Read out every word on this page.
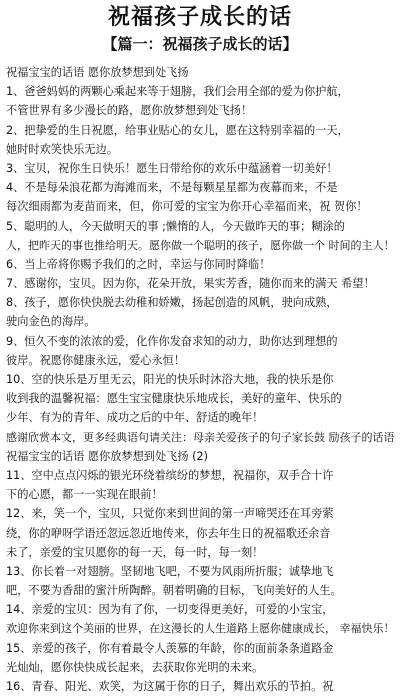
祝福孩子成长的话
【篇一：祝福孩子成长的话】
祝福宝宝的话语 愿你放梦想到处飞扬
1、爸爸妈妈的两颗心乘起来等于翅膀，我们会用全部的爱为你护航，
不管世界有多少漫长的路，愿你放梦想到处飞扬！
2、把挚爱的生日祝愿，给事业贴心的女儿，愿在这特别幸福的一天，
她时时欢笑快乐无边。
3、宝贝，祝你生日快乐！愿生日带给你的欢乐中蕴涵着一切美好！
4、不是每朵浪花都为海滩而来，不是每颗星星都为夜幕而来，不是
每次细雨都为麦苗而来，但，你可爱的宝宝为你开心幸福而来，祝 贺你！
5、聪明的人，今天做明天的事 ;懒惰的人，今天做昨天的事；糊涂的
人，把昨天的事也推给明天。愿你做一个聪明的孩子，愿你做一个 时间的主人！
6、当上帝将你赐予我们的之时，幸运与你同时降临！
7、感谢你，宝贝。因为你，花朵开放，果实芳香，随你而来的满天 希望！
8、孩子，愿你快快脱去幼稚和娇嫩，扬起创造的风帆，驶向成熟，
驶向金色的海岸。
9、恒久不变的浓浓的爱，化作你发奋求知的动力，助你达到理想的
彼岸。祝愿你健康永远，爱心永恒！
10、空的快乐是万里无云，阳光的快乐时沐浴大地，我的快乐是你
收到我的温馨祝福：愿生宝宝健康快乐地成长，美好的童年、快乐的
少年、有为的青年、成功之后的中年、舒适的晚年！
感谢欣赏本文，更多经典语句请关注：母亲关爱孩子的句子家长鼓 励孩子的话语
祝福宝宝的话语 愿你放梦想到处飞扬 (2)
11、空中点点闪烁的银光环绕着缤纷的梦想，祝福你，双手合十许
下的心愿，都一一实现在眼前！
12、来，笑一个，宝贝，只觉你来到世间的第一声啼哭还在耳旁萦
绕，你的咿呀学语还忽远忽近地传来，你去年生日的祝福歌还余音
未了，亲爱的宝贝愿你的每一天，每一时，每一刻！
13、你长着一对翅膀。坚韧地飞吧，不要为风雨所折服；诚挚地飞
吧，不要为香甜的蜜汁所陶醉。朝着明确的目标，飞向美好的人生。
14、亲爱的宝贝：因为有了你，一切变得更美好，可爱的小宝宝，
欢迎你来到这个美丽的世界，在这漫长的人生道路上愿你健康成长， 幸福快乐！
15、亲爱的孩子，你有着最令人羡慕的年龄，你的面前条条道路金
光灿灿，愿你快快成长起来，去获取你光明的未来。
16、青春、阳光、欢笑，为这属于你的日子，舞出欢乐的节拍。祝
